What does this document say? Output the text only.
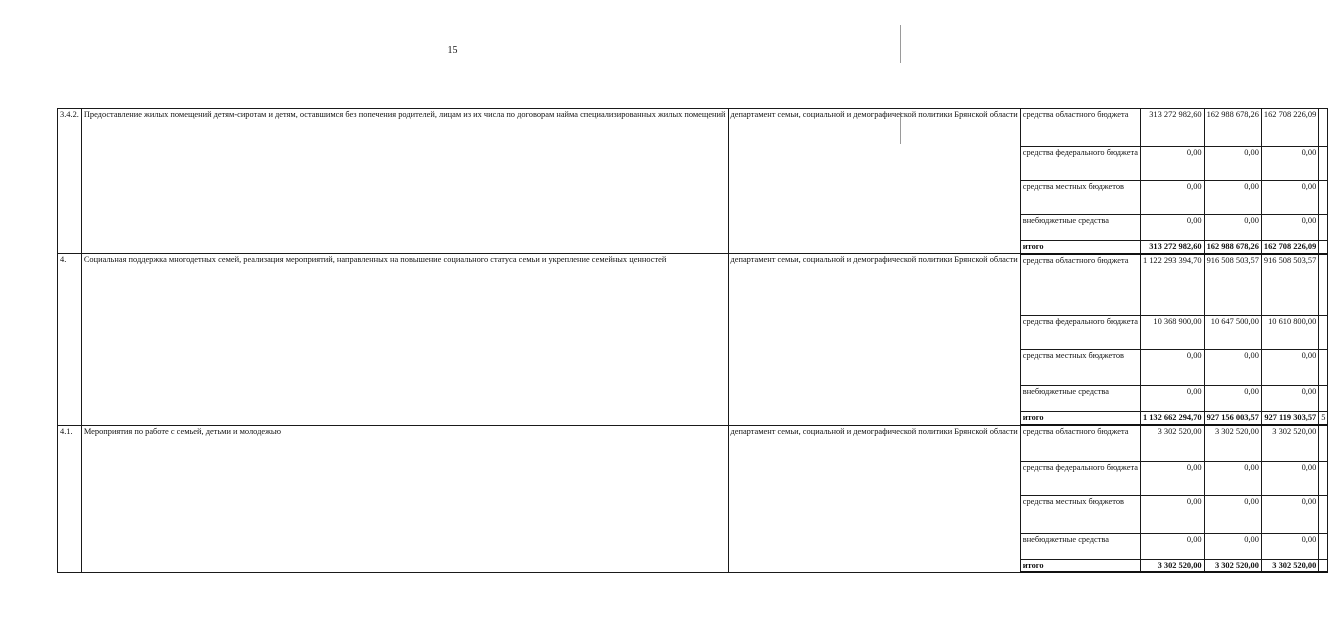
15
3.4.2.	Предоставление жилых помещений детям-сиротам и детям, оставшимся без попечения родителей, лицам из их числа по договорам найма специализированных жилых помещений	департамент семьи, социальной и демографической политики Брянской области	средства областного бюджета	313 272 982,60	162 988 678,26	162 708 226,09	
			средства федерального бюджета	0,00	0,00	0,00	
			средства местных бюджетов	0,00	0,00	0,00	
			внебюджетные средства	0,00	0,00	0,00	
			итого	313 272 982,60	162 988 678,26	162 708 226,09	
4.	Социальная поддержка многодетных семей, реализация мероприятий, направленных на повышение социального статуса семьи и укрепление семейных ценностей	департамент семьи, социальной и демографической политики Брянской области	средства областного бюджета	1 122 293 394,70	916 508 503,57	916 508 503,57	
			средства федерального бюджета	10 368 900,00	10 647 500,00	10 610 800,00	
			средства местных бюджетов	0,00	0,00	0,00	
			внебюджетные средства	0,00	0,00	0,00	
			итого	1 132 662 294,70	927 156 003,57	927 119 303,57	5
4.1.	Мероприятия по работе с семьей, детьми и молодежью	департамент семьи, социальной и демографической политики Брянской области	средства областного бюджета	3 302 520,00	3 302 520,00	3 302 520,00	
			средства федерального бюджета	0,00	0,00	0,00	
			средства местных бюджетов	0,00	0,00	0,00	
			внебюджетные средства	0,00	0,00	0,00	
			итого	3 302 520,00	3 302 520,00	3 302 520,00	
